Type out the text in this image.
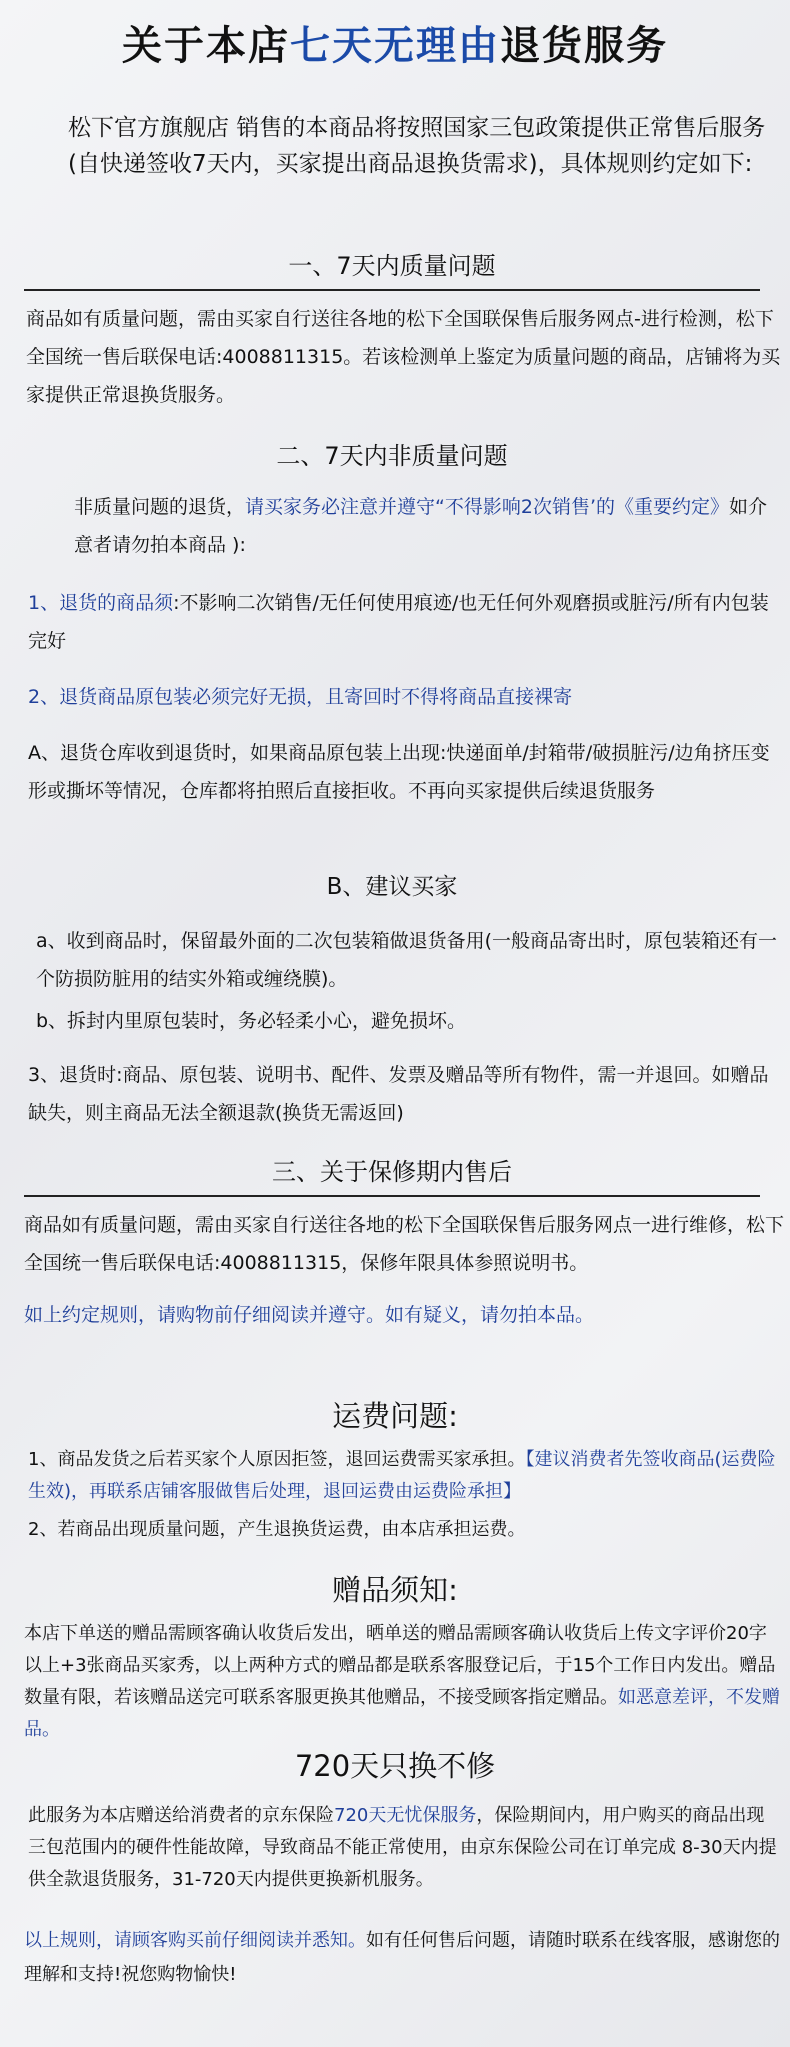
关于本店七天无理由退货服务
松下官方旗舰店 销售的本商品将按照国家三包政策提供正常售后服务(自快递签收7天内，买家提出商品退换货需求)，具体规则约定如下:
一、7天内质量问题
商品如有质量问题，需由买家自行送往各地的松下全国联保售后服务网点-进行检测，松下全国统一售后联保电话:4008811315。若该检测单上鉴定为质量问题的商品，店铺将为买家提供正常退换货服务。
二、7天内非质量问题
非质量问题的退货，请买家务必注意并遵守“不得影响2次销售’的《重要约定》如介意者请勿拍本商品 ):
1、退货的商品须:不影响二次销售/无任何使用痕迹/也无任何外观磨损或脏污/所有内包装完好
2、退货商品原包装必须完好无损，且寄回时不得将商品直接裸寄
A、退货仓库收到退货时，如果商品原包装上出现:快递面单/封箱带/破损脏污/边角挤压变形或撕坏等情况，仓库都将拍照后直接拒收。不再向买家提供后续退货服务
B、建议买家
a、收到商品时，保留最外面的二次包装箱做退货备用(一般商品寄出时，原包装箱还有一个防损防脏用的结实外箱或缠绕膜)。
b、拆封内里原包装时，务必轻柔小心，避免损坏。
3、退货时:商品、原包装、说明书、配件、发票及赠品等所有物件，需一并退回。如赠品缺失，则主商品无法全额退款(换货无需返回)
三、关于保修期内售后
商品如有质量问题，需由买家自行送往各地的松下全国联保售后服务网点一进行维修，松下全国统一售后联保电话:4008811315，保修年限具体参照说明书。
如上约定规则，请购物前仔细阅读并遵守。如有疑义，请勿拍本品。
运费问题:
1、商品发货之后若买家个人原因拒签，退回运费需买家承担。【建议消费者先签收商品(运费险生效)，再联系店铺客服做售后处理，退回运费由运费险承担】
2、若商品出现质量问题，产生退换货运费，由本店承担运费。
赠品须知:
本店下单送的赠品需顾客确认收货后发出，晒单送的赠品需顾客确认收货后上传文字评价20字以上+3张商品买家秀，以上两种方式的赠品都是联系客服登记后，于15个工作日内发出。赠品数量有限，若该赠品送完可联系客服更换其他赠品，不接受顾客指定赠品。如恶意差评，不发赠品。
720天只换不修
此服务为本店赠送给消费者的京东保险720天无忧保服务，保险期间内，用户购买的商品出现三包范围内的硬件性能故障，导致商品不能正常使用，由京东保险公司在订单完成 8-30天内提供全款退货服务，31-720天内提供更换新机服务。
以上规则，请顾客购买前仔细阅读并悉知。如有任何售后问题，请随时联系在线客服，感谢您的理解和支持!祝您购物愉快!
